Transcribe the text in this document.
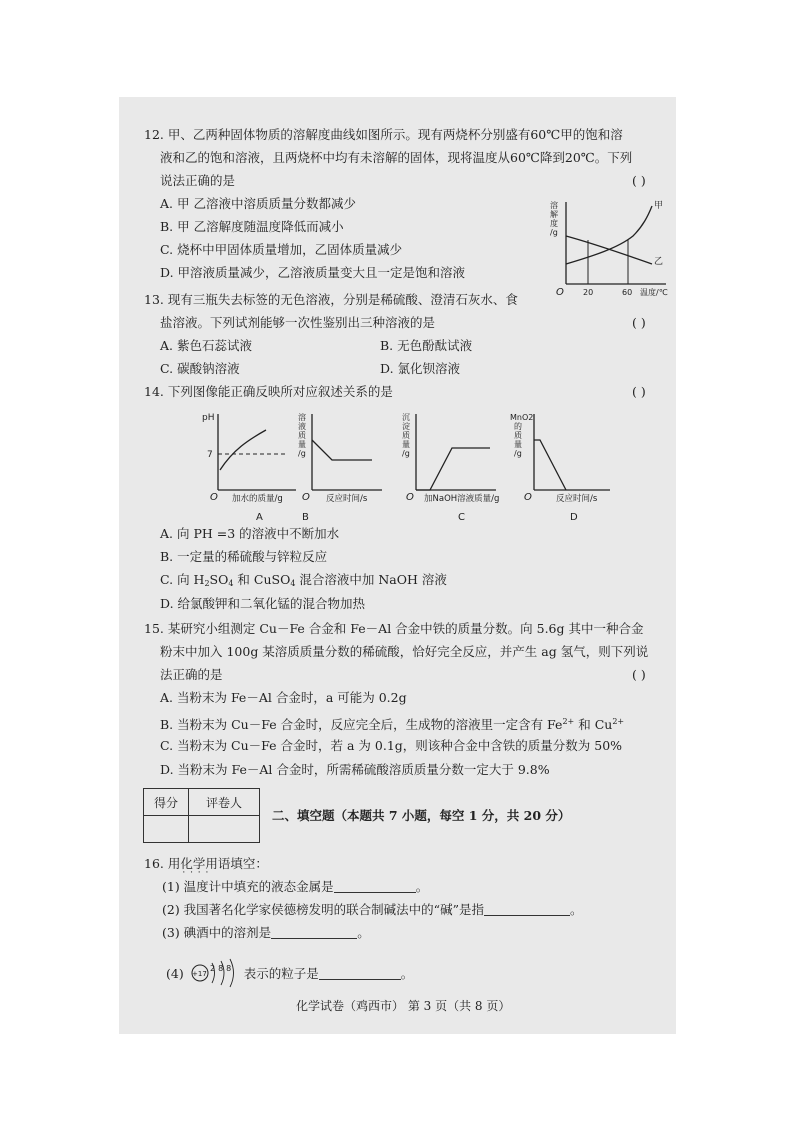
12. 甲、乙两种固体物质的溶解度曲线如图所示。现有两烧杯分别盛有60℃甲的饱和溶
液和乙的饱和溶液，且两烧杯中均有未溶解的固体，现将温度从60℃降到20℃。下列
说法正确的是	( )
A. 甲 乙溶液中溶质质量分数都减少
B. 甲 乙溶解度随温度降低而减小
C. 烧杯中甲固体质量增加，乙固体质量减少
D. 甲溶液质量减少，乙溶液质量变大且一定是饱和溶液
溶
解
度
/g
甲
乙
O 20	60 温度/℃
13. 现有三瓶失去标签的无色溶液，分别是稀硫酸、澄清石灰水、食
盐溶液。下列试剂能够一次性鉴别出三种溶液的是	( )
A. 紫色石蕊试液	B. 无色酚酞试液
C. 碳酸钠溶液	D. 氯化钡溶液
14. 下列图像能正确反映所对应叙述关系的是	( )
pH
7
O 加水的质量/g
A
溶
液
质
量
/g
O 反应时间/s
B
沉
淀
质
量
/g
O 加NaOH溶液质量/g
C
MnO2
的
质
量
/g
O	反应时间/s
D
A. 向 PH =3 的溶液中不断加水
B. 一定量的稀硫酸与锌粒反应
C. 向 $H_2SO_4$ 和 CuSO$_4$ 混合溶液中加 NaOH 溶液
D. 给氯酸钾和二氧化锰的混合物加热
15. 某研究小组测定 Cu－Fe 合金和 Fe－Al 合金中铁的质量分数。向 5.6g 其中一种合金
粉末中加入 100g 某溶质质量分数的稀硫酸，恰好完全反应，并产生 ag 氢气，则下列说
法正确的是	( )
A. 当粉末为 Fe－Al 合金时，a 可能为 0.2g
B. 当粉末为 Cu－Fe 合金时，反应完全后，生成物的溶液里一定含有 $Fe^{2+}$ 和 $Cu^{2+}$
C. 当粉末为 Cu－Fe 合金时，若 a 为 0.1g，则该种合金中含铁的质量分数为 50%
D. 当粉末为 Fe－Al 合金时，所需稀硫酸溶质质量分数一定大于 9.8%
得分	评卷人

二、填空题（本题共 7 小题，每空 1 分，共 20 分）
16. 用化学用语 · · · ·填空：
(1) 温度计中填充的液态金属是	。
(2) 我国著名化学家侯德榜发明的联合制碱法中的“碱”是指	。
(3) 碘酒中的溶剂是	。
(4)	表示的粒子是	。
+17
288
化学试卷（鸡西市） 第 3 页（共 8 页）
